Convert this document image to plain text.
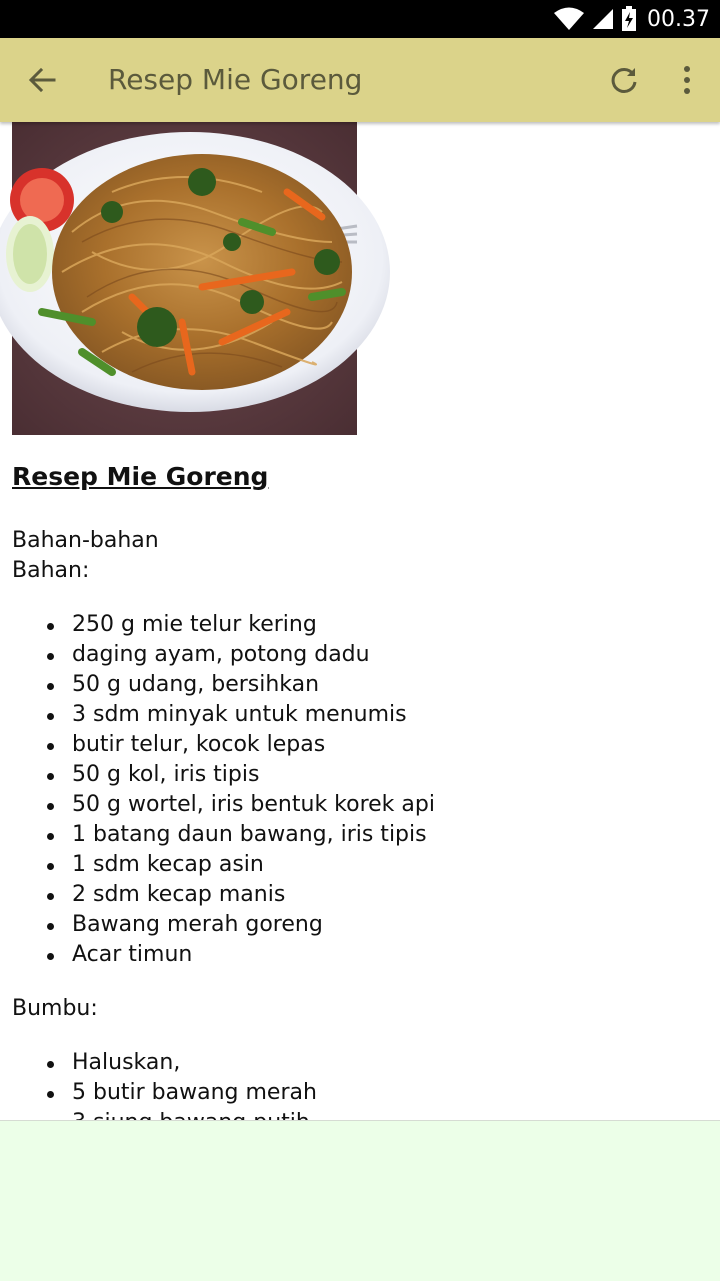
00.37
Resep Mie Goreng
Resep Mie Goreng

Bahan-bahan

Bahan:

250 g mie telur kering
daging ayam, potong dadu
50 g udang, bersihkan
3 sdm minyak untuk menumis
butir telur, kocok lepas
50 g kol, iris tipis
50 g wortel, iris bentuk korek api
1 batang daun bawang, iris tipis
1 sdm kecap asin
2 sdm kecap manis
Bawang merah goreng
Acar timun

Bumbu:

Haluskan,
5 butir bawang merah
